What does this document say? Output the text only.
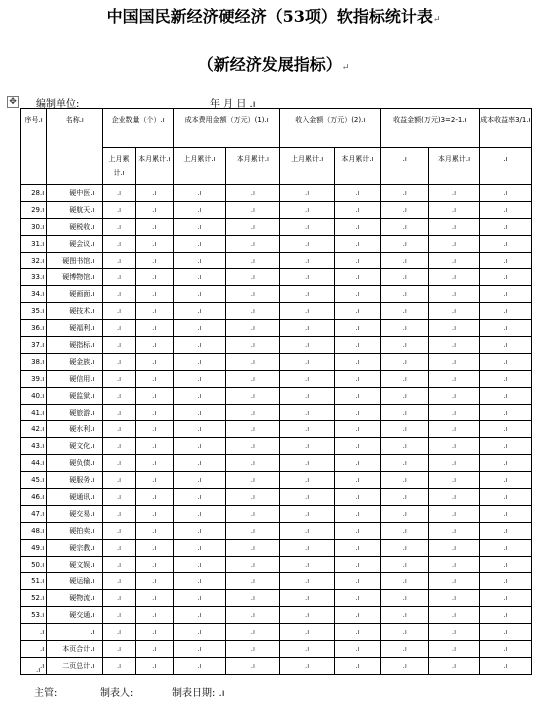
中国国民新经济硬经济（53项）软指标统计表↵
（新经济发展指标）↵
✥ 编制单位:	年 月 日 .ı
序号.ı	名称.ı	企业数量（个）.ı		成本费用金额（万元）(1).ı		收入金额（万元）(2).ı		收益金额(万元)3=2-1.ı		成本收益率3/1.ı
		上月累计.ı	本月累计.ı	上月累计.ı	本月累计.ı	上月累计.ı	本月累计.ı	.ı	本月累计.ı	.ı
28.ı	硬中医.ı	.ı	.ı	.ı	.ı	.ı	.ı	.ı	.ı	.ı
29.ı	硬航天.ı	.ı	.ı	.ı	.ı	.ı	.ı	.ı	.ı	.ı
30.ı	硬税收.ı	.ı	.ı	.ı	.ı	.ı	.ı	.ı	.ı	.ı
31.ı	硬会议.ı	.ı	.ı	.ı	.ı	.ı	.ı	.ı	.ı	.ı
32.ı	硬图书馆.ı	.ı	.ı	.ı	.ı	.ı	.ı	.ı	.ı	.ı
33.ı	硬博物馆.ı	.ı	.ı	.ı	.ı	.ı	.ı	.ı	.ı	.ı
34.ı	硬画面.ı	.ı	.ı	.ı	.ı	.ı	.ı	.ı	.ı	.ı
35.ı	硬技术.ı	.ı	.ı	.ı	.ı	.ı	.ı	.ı	.ı	.ı
36.ı	硬福利.ı	.ı	.ı	.ı	.ı	.ı	.ı	.ı	.ı	.ı
37.ı	硬指标.ı	.ı	.ı	.ı	.ı	.ı	.ı	.ı	.ı	.ı
38.ı	硬金族.ı	.ı	.ı	.ı	.ı	.ı	.ı	.ı	.ı	.ı
39.ı	硬信用.ı	.ı	.ı	.ı	.ı	.ı	.ı	.ı	.ı	.ı
40.ı	硬监狱.ı	.ı	.ı	.ı	.ı	.ı	.ı	.ı	.ı	.ı
41.ı	硬旅游.ı	.ı	.ı	.ı	.ı	.ı	.ı	.ı	.ı	.ı
42.ı	硬水利.ı	.ı	.ı	.ı	.ı	.ı	.ı	.ı	.ı	.ı
43.ı	硬文化.ı	.ı	.ı	.ı	.ı	.ı	.ı	.ı	.ı	.ı
44.ı	硬负债.ı	.ı	.ı	.ı	.ı	.ı	.ı	.ı	.ı	.ı
45.ı	硬服务.ı	.ı	.ı	.ı	.ı	.ı	.ı	.ı	.ı	.ı
46.ı	硬通讯.ı	.ı	.ı	.ı	.ı	.ı	.ı	.ı	.ı	.ı
47.ı	硬交易.ı	.ı	.ı	.ı	.ı	.ı	.ı	.ı	.ı	.ı
48.ı	硬拍卖.ı	.ı	.ı	.ı	.ı	.ı	.ı	.ı	.ı	.ı
49.ı	硬宗教.ı	.ı	.ı	.ı	.ı	.ı	.ı	.ı	.ı	.ı
50.ı	硬文娱.ı	.ı	.ı	.ı	.ı	.ı	.ı	.ı	.ı	.ı
51.ı	硬运输.ı	.ı	.ı	.ı	.ı	.ı	.ı	.ı	.ı	.ı
52.ı	硬物流.ı	.ı	.ı	.ı	.ı	.ı	.ı	.ı	.ı	.ı
53.ı	硬交通.ı	.ı	.ı	.ı	.ı	.ı	.ı	.ı	.ı	.ı
.ı	.ı	.ı	.ı	.ı	.ı	.ı	.ı	.ı	.ı	.ı
.ı	本页合计.ı	.ı	.ı	.ı	.ı	.ı	.ı	.ı	.ı	.ı
.ı	二页总计.ı	.ı	.ı	.ı	.ı	.ı	.ı	.ı	.ı	.ı
.ı
主管:	制表人:	制表日期: .ı
